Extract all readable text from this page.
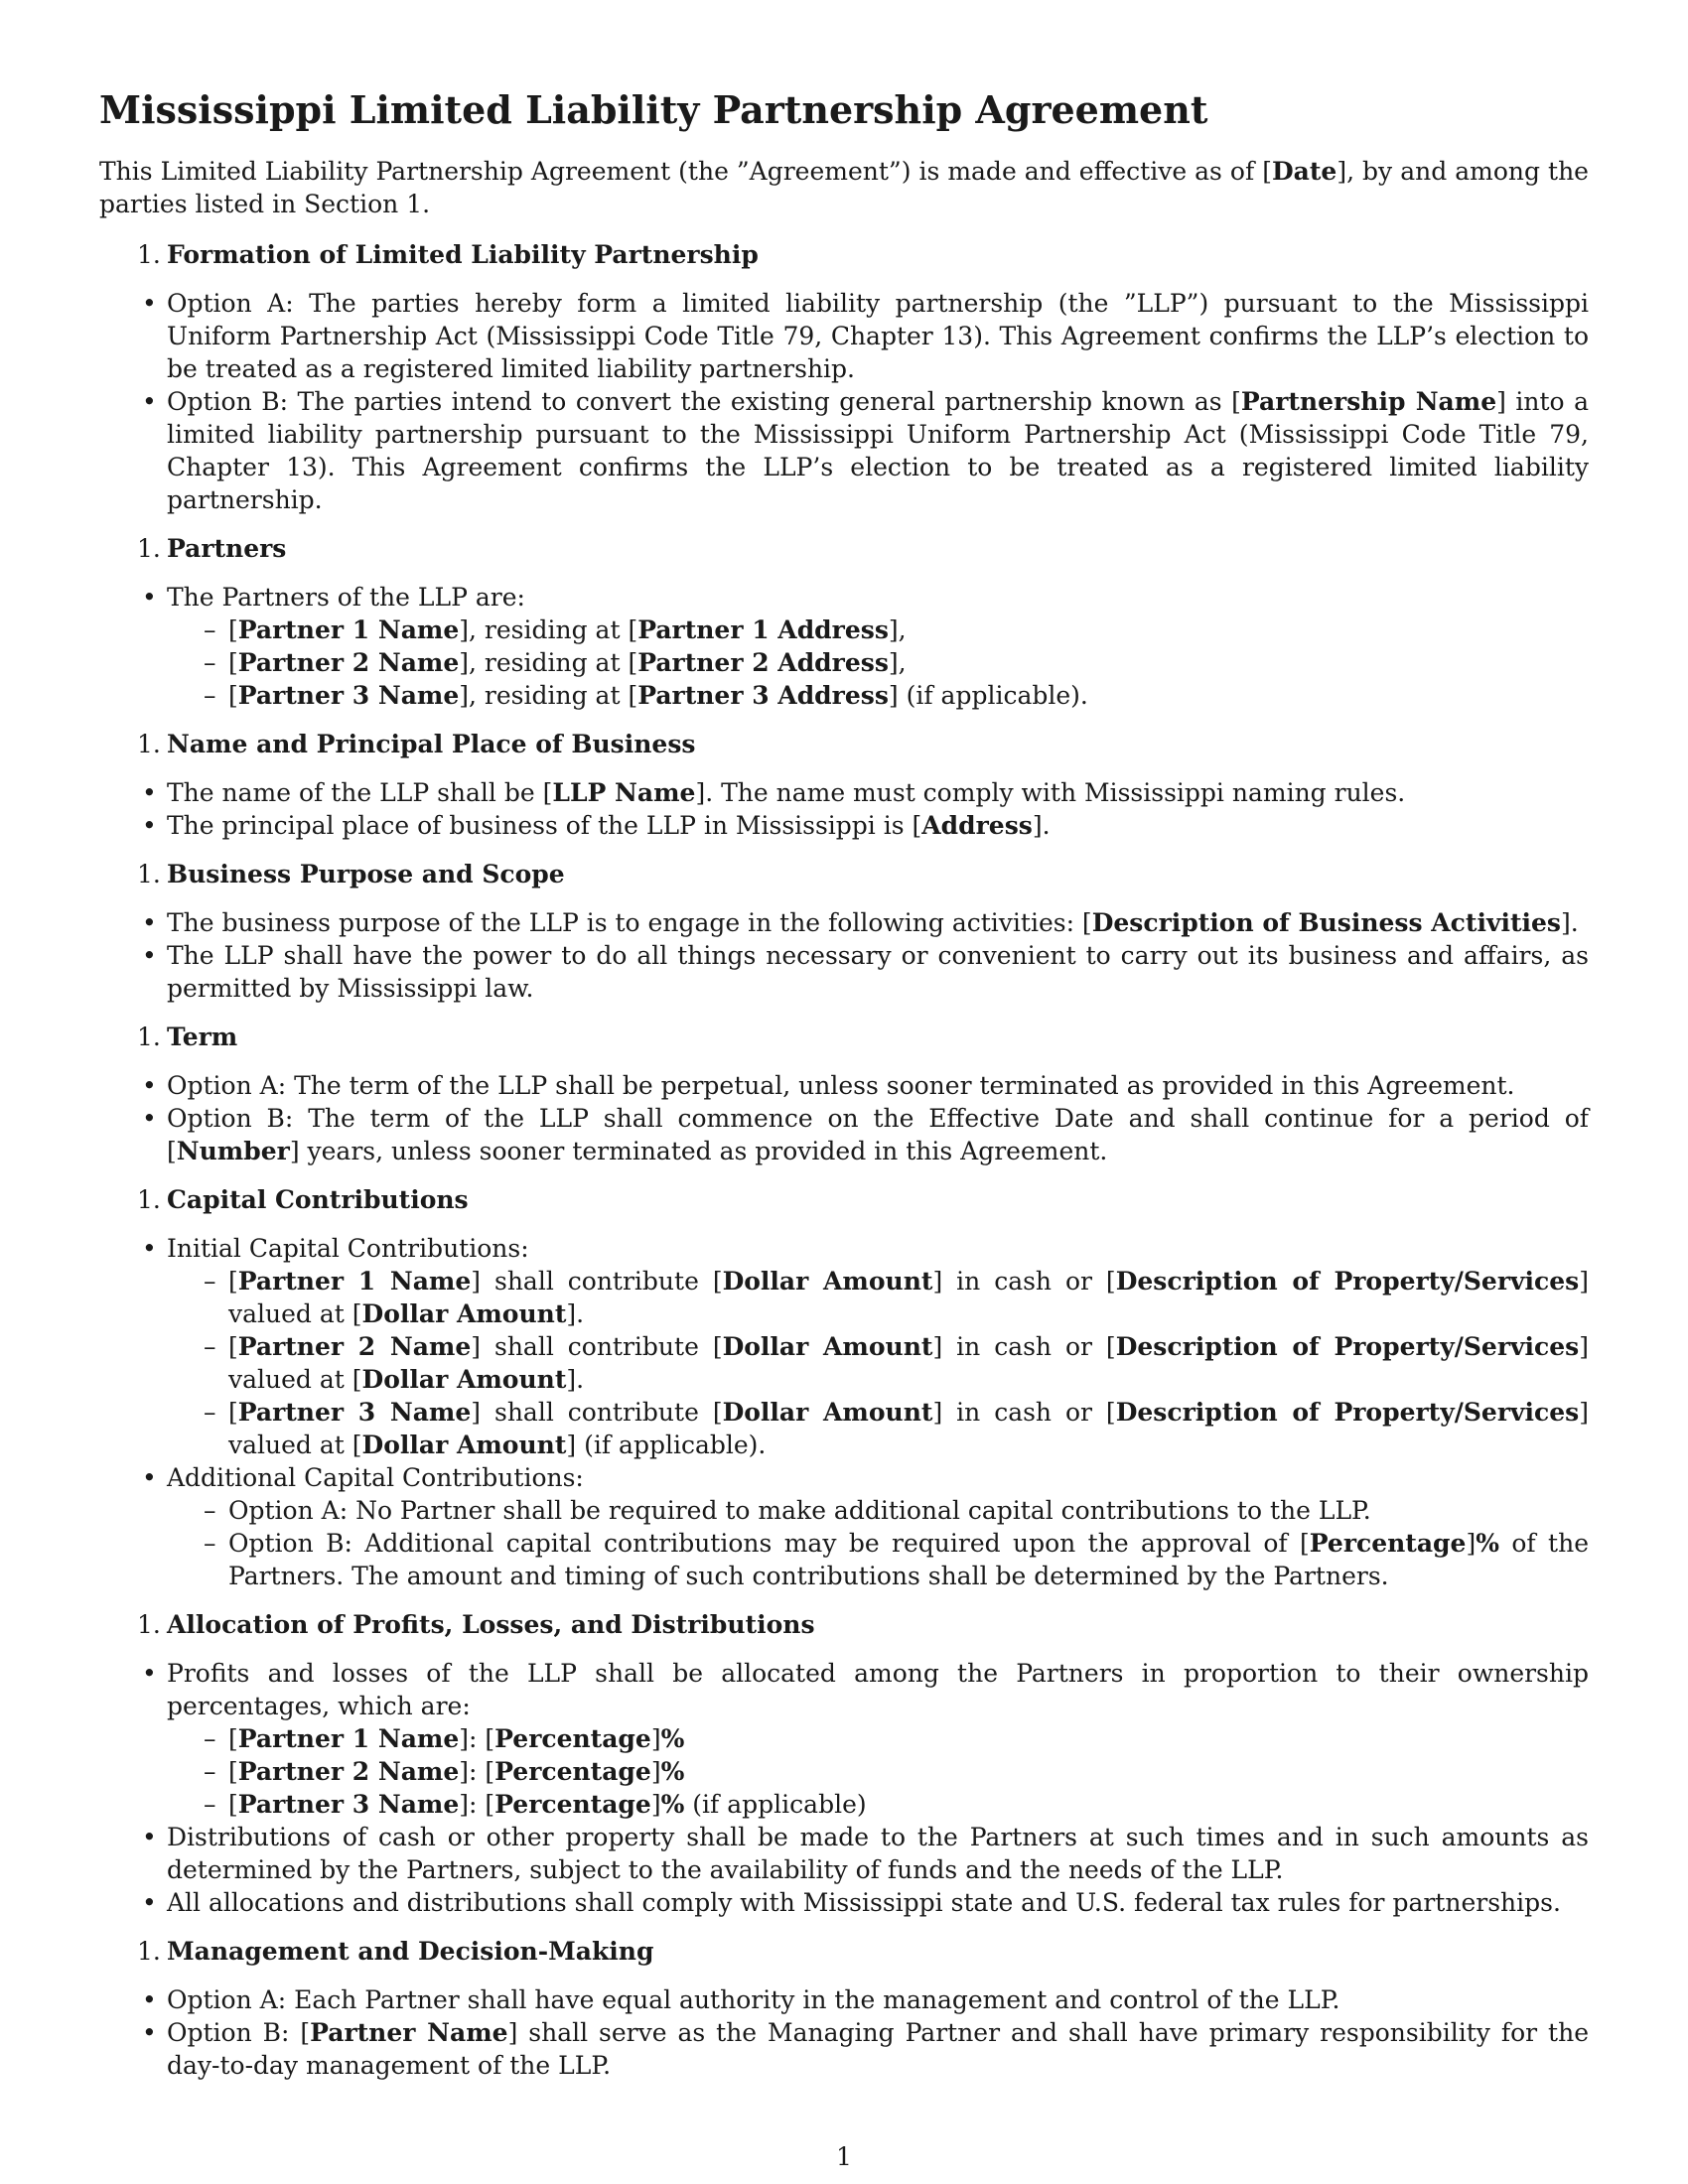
Mississippi Limited Liability Partnership Agreement

This Limited Liability Partnership Agreement (the ”Agreement”) is made and effective as of [Date], by and among the parties listed in Section 1.

1. Formation of Limited Liability Partnership
• Option A: The parties hereby form a limited liability partnership (the ”LLP”) pursuant to the Mississippi Uniform Partnership Act (Mississippi Code Title 79, Chapter 13). This Agreement confirms the LLP’s election to be treated as a registered limited liability partnership.
• Option B: The parties intend to convert the existing general partnership known as [Partnership Name] into a limited liability partnership pursuant to the Mississippi Uniform Partnership Act (Mississippi Code Title 79, Chapter 13). This Agreement confirms the LLP’s election to be treated as a registered limited liability partnership.
1. Partners
• The Partners of the LLP are:
– [Partner 1 Name], residing at [Partner 1 Address],
– [Partner 2 Name], residing at [Partner 2 Address],
– [Partner 3 Name], residing at [Partner 3 Address] (if applicable).
1. Name and Principal Place of Business
• The name of the LLP shall be [LLP Name]. The name must comply with Mississippi naming rules.
• The principal place of business of the LLP in Mississippi is [Address].
1. Business Purpose and Scope
• The business purpose of the LLP is to engage in the following activities: [Description of Business Activities].
• The LLP shall have the power to do all things necessary or convenient to carry out its business and affairs, as permitted by Mississippi law.
1. Term
• Option A: The term of the LLP shall be perpetual, unless sooner terminated as provided in this Agreement.
• Option B: The term of the LLP shall commence on the Effective Date and shall continue for a period of [Number] years, unless sooner terminated as provided in this Agreement.
1. Capital Contributions
• Initial Capital Contributions:
– [Partner 1 Name] shall contribute [Dollar Amount] in cash or [Description of Property/Services] valued at [Dollar Amount].
– [Partner 2 Name] shall contribute [Dollar Amount] in cash or [Description of Property/Services] valued at [Dollar Amount].
– [Partner 3 Name] shall contribute [Dollar Amount] in cash or [Description of Property/Services] valued at [Dollar Amount] (if applicable).
• Additional Capital Contributions:
– Option A: No Partner shall be required to make additional capital contributions to the LLP.
– Option B: Additional capital contributions may be required upon the approval of [Percentage]% of the Partners. The amount and timing of such contributions shall be determined by the Partners.
1. Allocation of Profits, Losses, and Distributions
• Profits and losses of the LLP shall be allocated among the Partners in proportion to their ownership percentages, which are:
– [Partner 1 Name]: [Percentage]%
– [Partner 2 Name]: [Percentage]%
– [Partner 3 Name]: [Percentage]% (if applicable)
• Distributions of cash or other property shall be made to the Partners at such times and in such amounts as determined by the Partners, subject to the availability of funds and the needs of the LLP.
• All allocations and distributions shall comply with Mississippi state and U.S. federal tax rules for partnerships.
1. Management and Decision-Making
• Option A: Each Partner shall have equal authority in the management and control of the LLP.
• Option B: [Partner Name] shall serve as the Managing Partner and shall have primary responsibility for the day-to-day management of the LLP.
1
